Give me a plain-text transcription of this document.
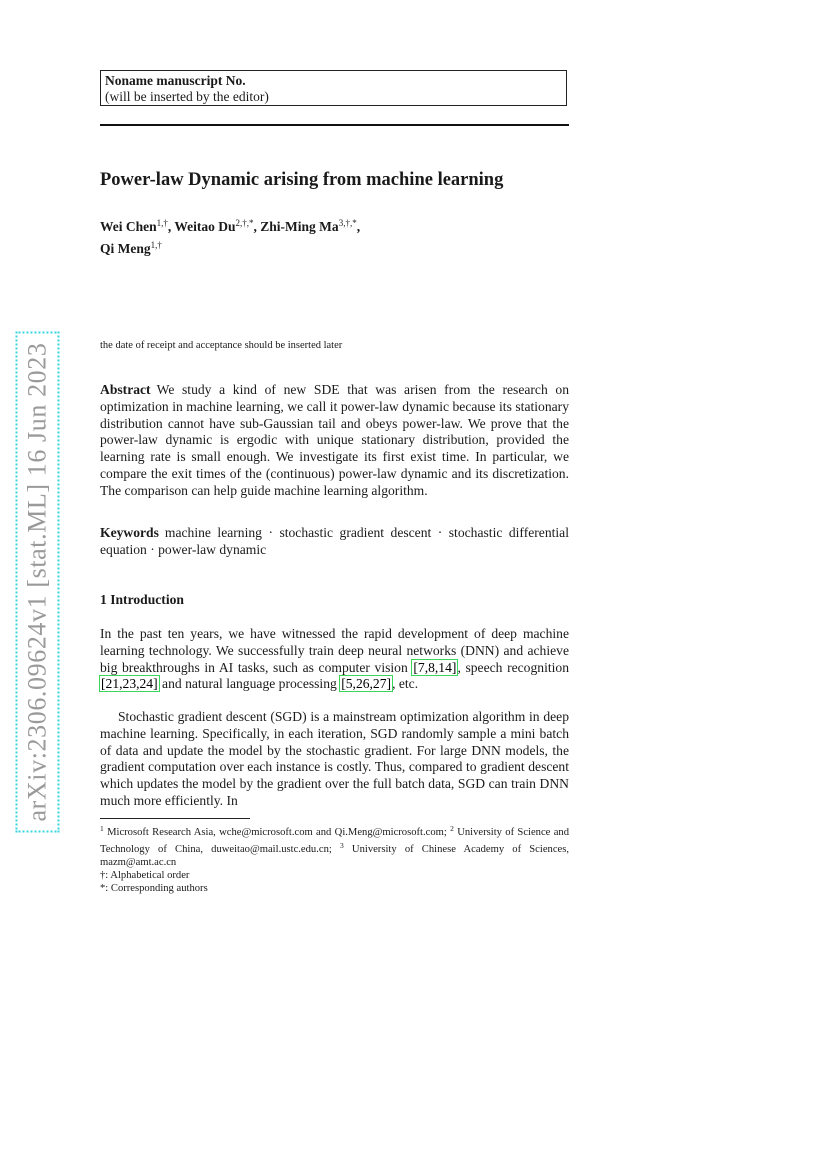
arXiv:2306.09624v1 [stat.ML] 16 Jun 2023
Noname manuscript No.
(will be inserted by the editor)
Power-law Dynamic arising from machine learning
Wei Chen$^{1,\dagger}$, Weitao $Du^{2,\dagger,*}$, Zhi-Ming $Ma^{3,\dagger,*}$,
Qi Meng$^{1,\dagger}$
the date of receipt and acceptance should be inserted later
Abstract We study a kind of new SDE that was arisen from the research on optimization in machine learning, we call it power-law dynamic because its stationary distribution cannot have sub-Gaussian tail and obeys power-law. We prove that the power-law dynamic is ergodic with unique stationary distribution, provided the learning rate is small enough. We investigate its first exist time. In particular, we compare the exit times of the (continuous) power-law dynamic and its discretization. The comparison can help guide machine learning algorithm.
Keywords machine learning · stochastic gradient descent · stochastic differential equation · power-law dynamic
1 Introduction
In the past ten years, we have witnessed the rapid development of deep machine learning technology. We successfully train deep neural networks (DNN) and achieve big breakthroughs in AI tasks, such as computer vision [7,8,14], speech recognition [21,23,24] and natural language processing [5,26,27], etc.
Stochastic gradient descent (SGD) is a mainstream optimization algorithm in deep machine learning. Specifically, in each iteration, SGD randomly sample a mini batch of data and update the model by the stochastic gradient. For large DNN models, the gradient computation over each instance is costly. Thus, compared to gradient descent which updates the model by the gradient over the full batch data, SGD can train DNN much more efficiently. In
$^1$ Microsoft Research Asia, wche@microsoft.com and Qi.Meng@microsoft.com; $^2$ University of Science and Technology of China, duweitao@mail.ustc.edu.cn; $^3$ University of Chinese Academy of Sciences, mazm@amt.ac.cn
†: Alphabetical order
*: Corresponding authors
